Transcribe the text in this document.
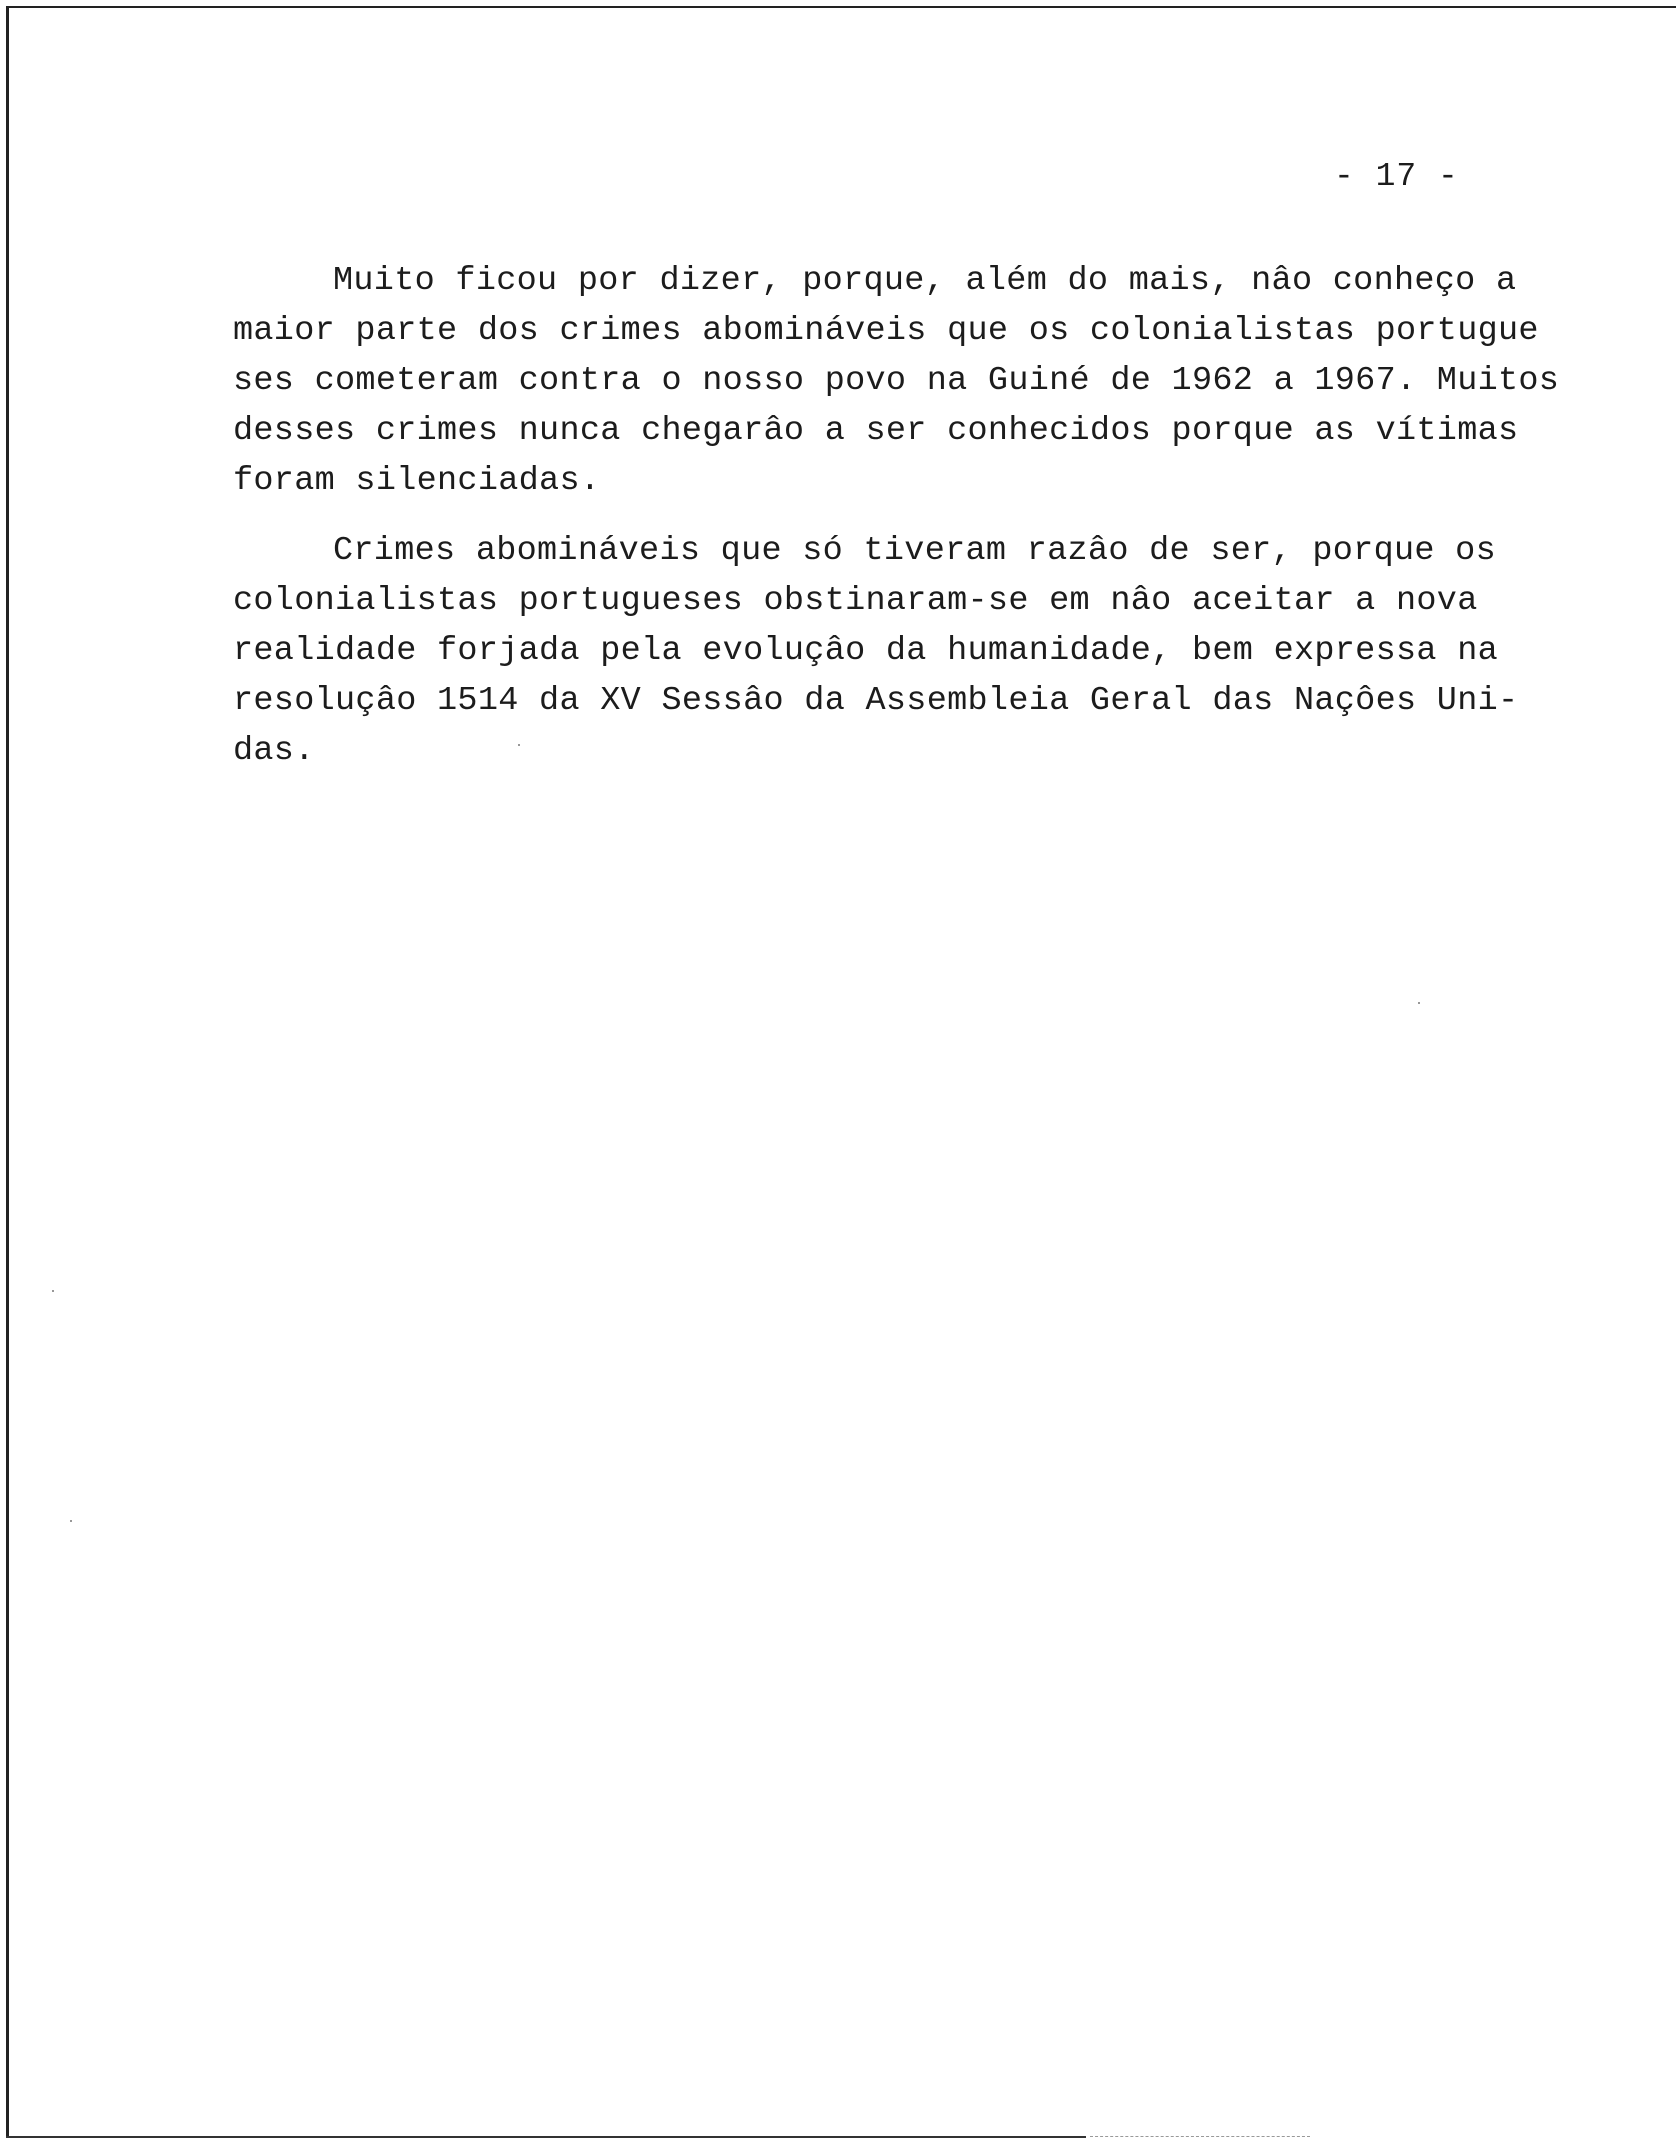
- 17 -
Muito ficou por dizer, porque, além do mais, nâo conheço a
maior parte dos crimes abomináveis que os colonialistas portugue
ses cometeram contra o nosso povo na Guiné de 1962 a 1967. Muitos
desses crimes nunca chegarâo a ser conhecidos porque as vítimas
foram silenciadas.
Crimes abomináveis que só tiveram razâo de ser, porque os
colonialistas portugueses obstinaram-se em nâo aceitar a nova
realidade forjada pela evoluçâo da humanidade, bem expressa na
resoluçâo 1514 da XV Sessâo da Assembleia Geral das Naçôes Uni-
das.
